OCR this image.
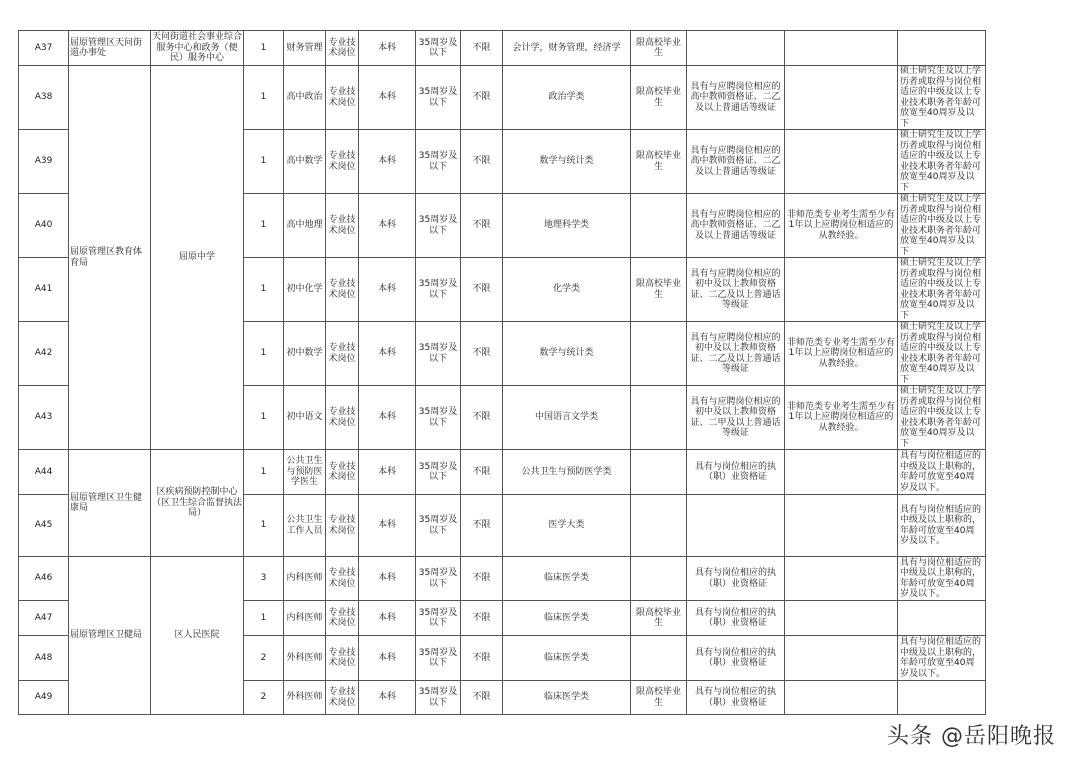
A37	屈原管理区天问街道办事处	天问街道社会事业综合服务中心和政务（便民）服务中心	1	财务管理	专业技术岗位	本科	35周岁及以下	不限	会计学，财务管理，经济学	限高校毕业生			
A38	屈原管理区教育体育局	屈原中学	1	高中政治	专业技术岗位	本科	35周岁及以下	不限	政治学类	限高校毕业生	具有与应聘岗位相应的高中教师资格证、二乙及以上普通话等级证		硕士研究生及以上学历者或取得与岗位相适应的中级及以上专业技术职务者年龄可放宽至40周岁及以下
A39			1	高中数学	专业技术岗位	本科	35周岁及以下	不限	数学与统计类	限高校毕业生	具有与应聘岗位相应的高中教师资格证、二乙及以上普通话等级证		硕士研究生及以上学历者或取得与岗位相适应的中级及以上专业技术职务者年龄可放宽至40周岁及以下
A40			1	高中地理	专业技术岗位	本科	35周岁及以下	不限	地理科学类		具有与应聘岗位相应的高中教师资格证、二乙及以上普通话等级证	非师范类专业考生需至少有1年以上应聘岗位相适应的从教经验。	硕士研究生及以上学历者或取得与岗位相适应的中级及以上专业技术职务者年龄可放宽至40周岁及以下
A41			1	初中化学	专业技术岗位	本科	35周岁及以下	不限	化学类	限高校毕业生	具有与应聘岗位相应的初中及以上教师资格证、二乙及以上普通话等级证		硕士研究生及以上学历者或取得与岗位相适应的中级及以上专业技术职务者年龄可放宽至40周岁及以下
A42			1	初中数学	专业技术岗位	本科	35周岁及以下	不限	数学与统计类		具有与应聘岗位相应的初中及以上教师资格证、二乙及以上普通话等级证	非师范类专业考生需至少有1年以上应聘岗位相适应的从教经验。	硕士研究生及以上学历者或取得与岗位相适应的中级及以上专业技术职务者年龄可放宽至40周岁及以下
A43			1	初中语文	专业技术岗位	本科	35周岁及以下	不限	中国语言文学类		具有与应聘岗位相应的初中及以上教师资格证、二甲及以上普通话等级证	非师范类专业考生需至少有1年以上应聘岗位相适应的从教经验。	硕士研究生及以上学历者或取得与岗位相适应的中级及以上专业技术职务者年龄可放宽至40周岁及以下
A44	屈原管理区卫生健康局	区疾病预防控制中心（区卫生综合监督执法局）	1	公共卫生与预防医学医生	专业技术岗位	本科	35周岁及以下	不限	公共卫生与预防医学类		具有与岗位相应的执（职）业资格证		具有与岗位相适应的中级及以上职称的，年龄可放宽至40周岁及以下。
A45			1	公共卫生工作人员	专业技术岗位	本科	35周岁及以下	不限	医学大类				具有与岗位相适应的中级及以上职称的，年龄可放宽至40周岁及以下。
A46	屈原管理区卫健局	区人民医院	3	内科医师	专业技术岗位	本科	35周岁及以下	不限	临床医学类		具有与岗位相应的执（职）业资格证		具有与岗位相适应的中级及以上职称的，年龄可放宽至40周岁及以下。
A47			1	内科医师	专业技术岗位	本科	35周岁及以下	不限	临床医学类	限高校毕业生	具有与岗位相应的执（职）业资格证		
A48			2	外科医师	专业技术岗位	本科	35周岁及以下	不限	临床医学类		具有与岗位相应的执（职）业资格证		具有与岗位相适应的中级及以上职称的，年龄可放宽至40周岁及以下。
A49			2	外科医师	专业技术岗位	本科	35周岁及以下	不限	临床医学类	限高校毕业生	具有与岗位相应的执（职）业资格证		
头条 @岳阳晚报
